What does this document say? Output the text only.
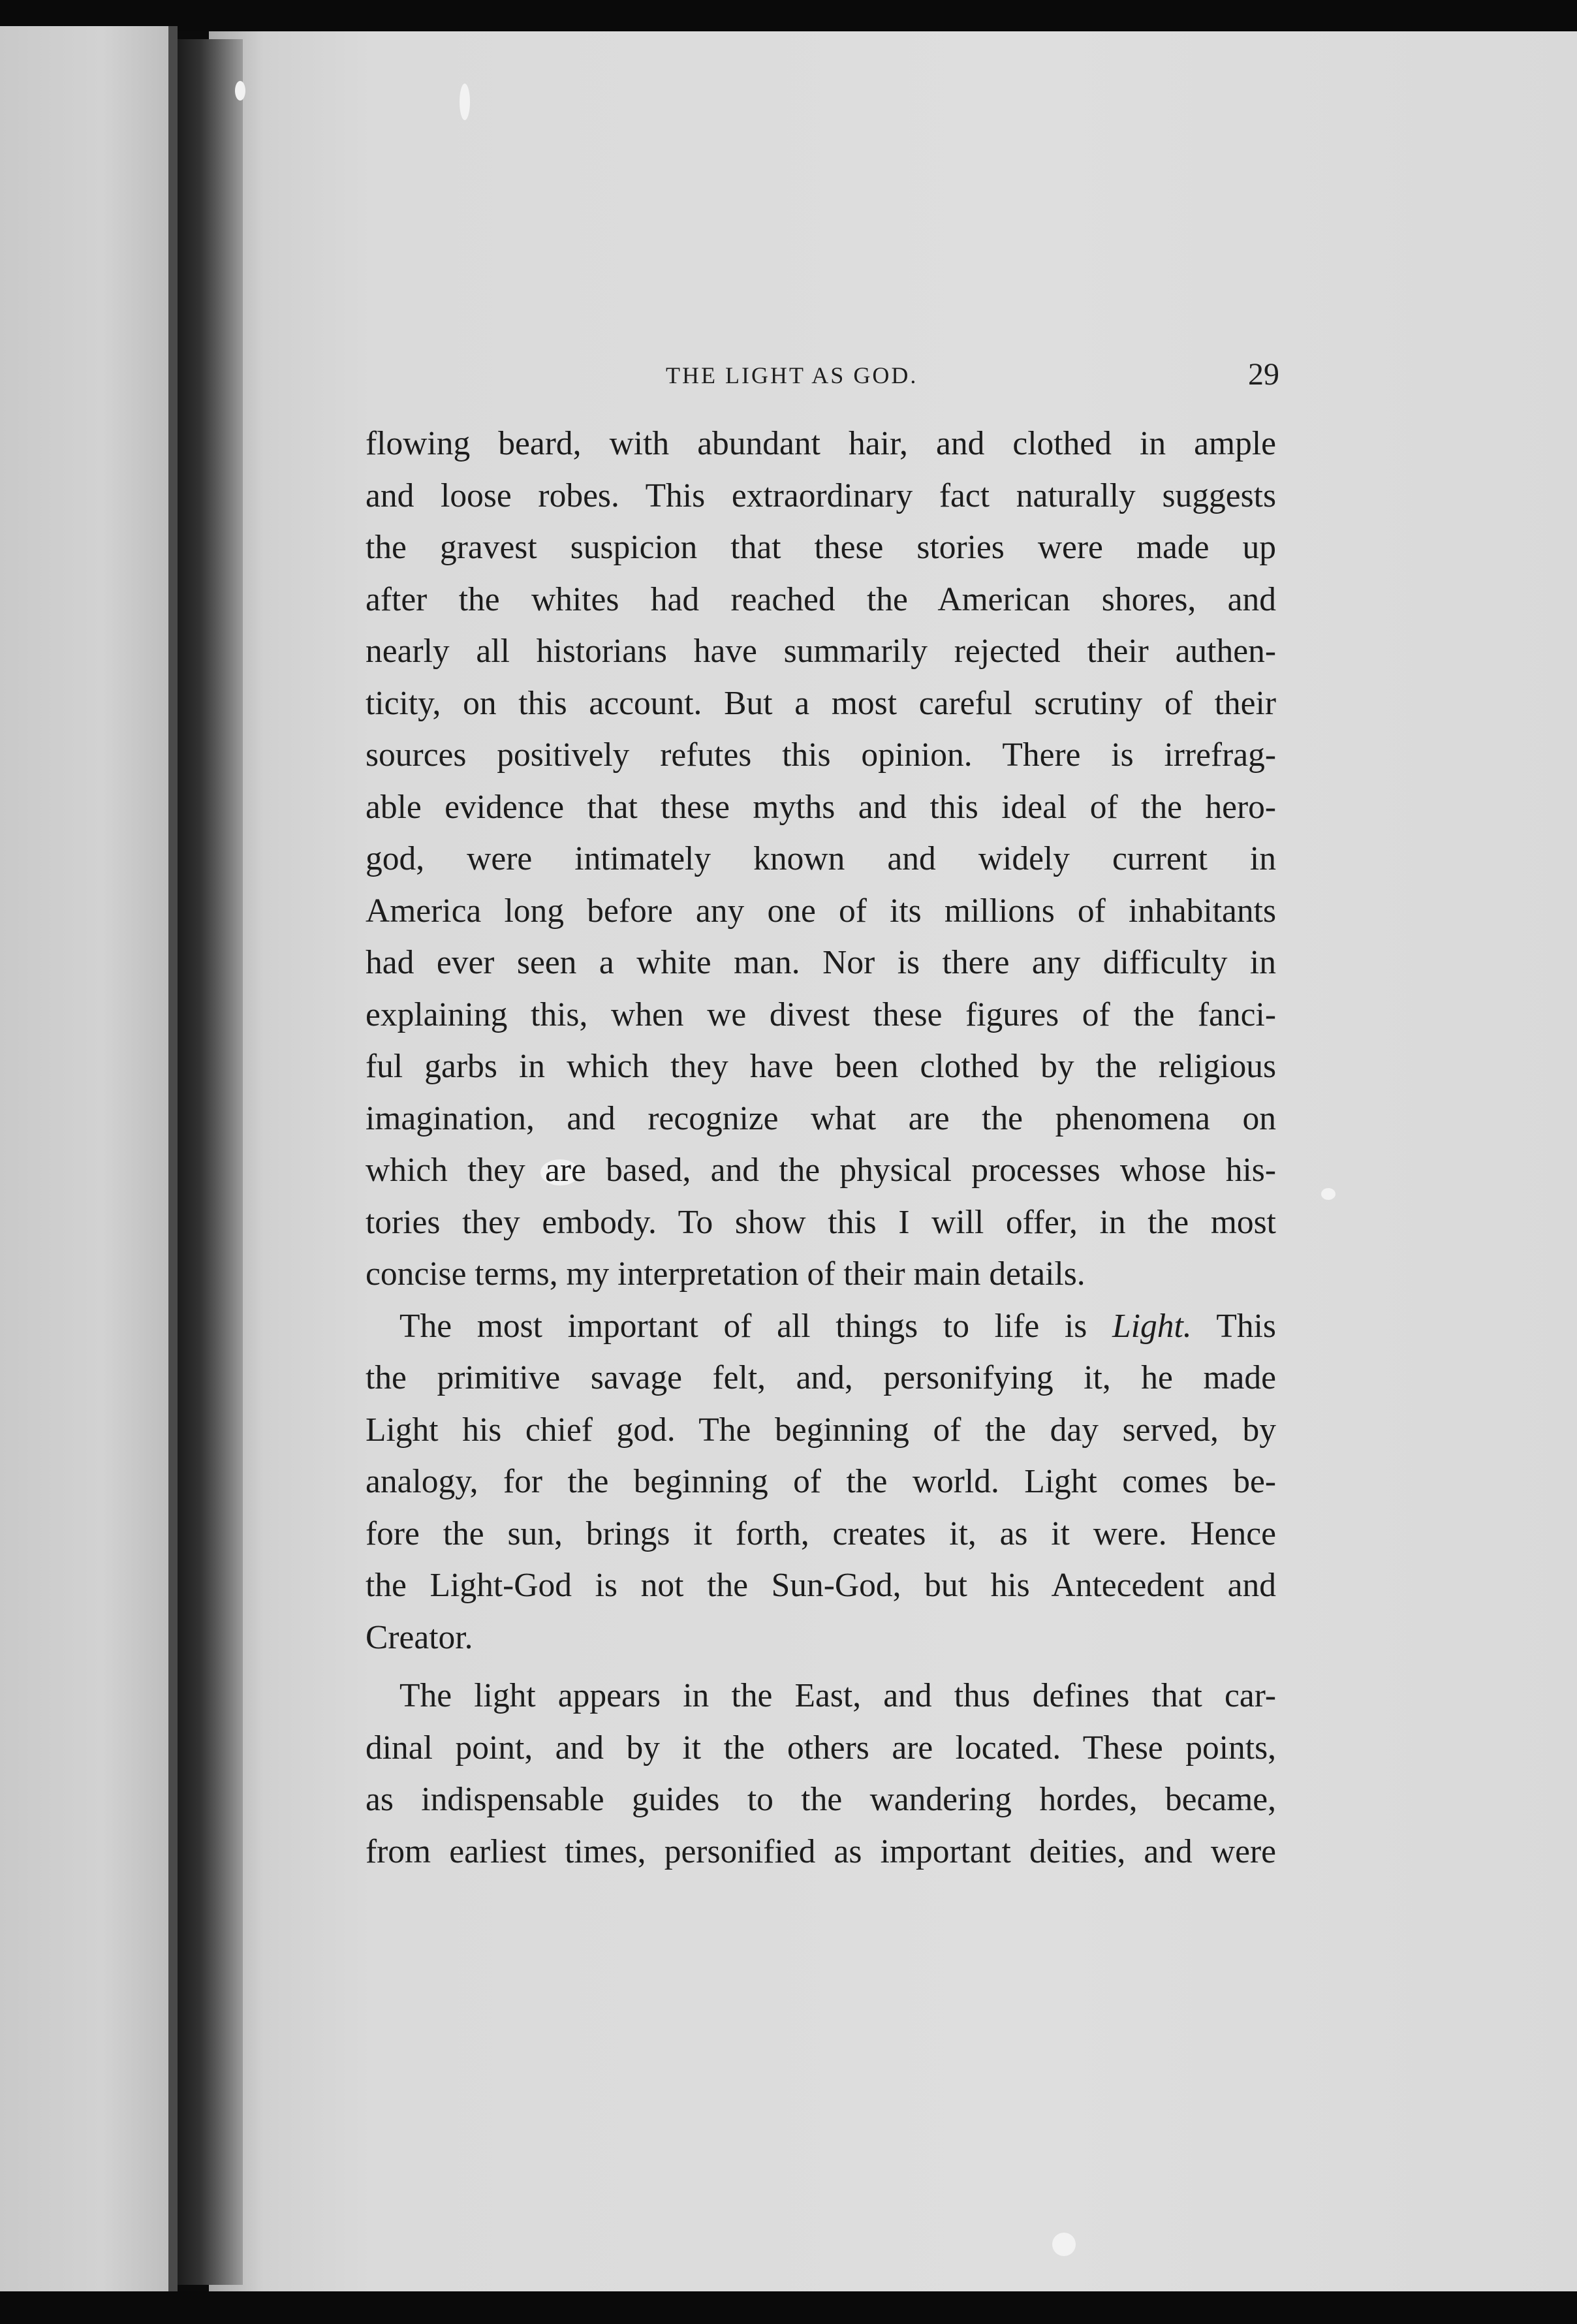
THE LIGHT AS GOD.	29
flowing beard, with abundant hair, and clothed in ample
and loose robes. This extraordinary fact naturally suggests
the gravest suspicion that these stories were made up
after the whites had reached the American shores, and
nearly all historians have summarily rejected their authen-
ticity, on this account. But a most careful scrutiny of their
sources positively refutes this opinion. There is irrefrag-
able evidence that these myths and this ideal of the hero-
god, were intimately known and widely current in
America long before any one of its millions of inhabitants
had ever seen a white man. Nor is there any difficulty in
explaining this, when we divest these figures of the fanci-
ful garbs in which they have been clothed by the religious
imagination, and recognize what are the phenomena on
which they are based, and the physical processes whose his-
tories they embody. To show this I will offer, in the most
concise terms, my interpretation of their main details.
The most important of all things to life is Light. This
the primitive savage felt, and, personifying it, he made
Light his chief god. The beginning of the day served, by
analogy, for the beginning of the world. Light comes be-
fore the sun, brings it forth, creates it, as it were. Hence
the Light-God is not the Sun-God, but his Antecedent and
Creator.
The light appears in the East, and thus defines that car-
dinal point, and by it the others are located. These points,
as indispensable guides to the wandering hordes, became,
from earliest times, personified as important deities, and were
